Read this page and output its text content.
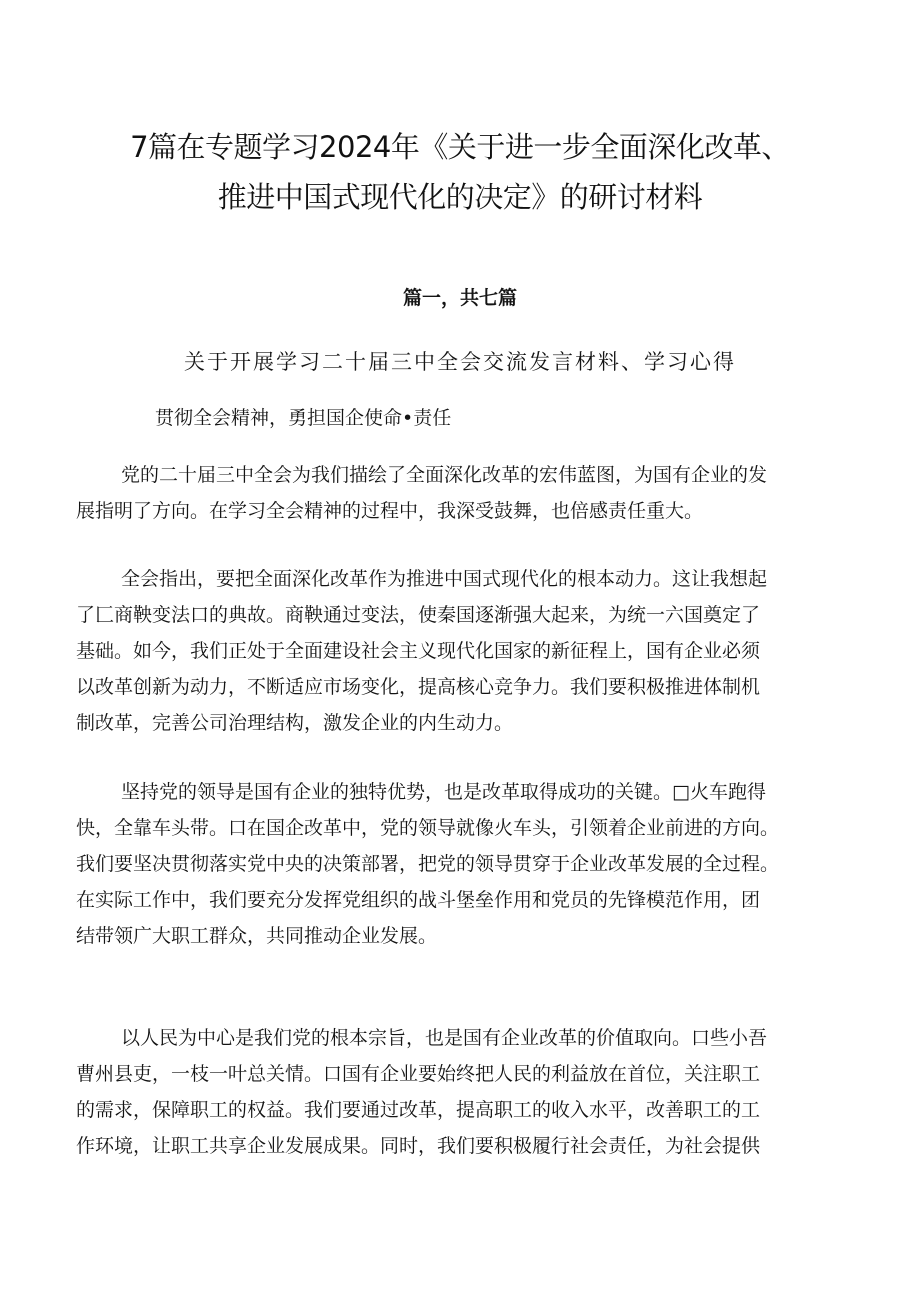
7篇在专题学习2024年《关于进一步全面深化改革、
推进中国式现代化的决定》的研讨材料
篇一，共七篇
关于开展学习二十届三中全会交流发言材料、学习心得
贯彻全会精神，勇担国企使命•责任
党的二十届三中全会为我们描绘了全面深化改革的宏伟蓝图，为国有企业的发
展指明了方向。在学习全会精神的过程中，我深受鼓舞，也倍感责任重大。
全会指出，要把全面深化改革作为推进中国式现代化的根本动力。这让我想起
了匚商鞅变法口的典故。商鞅通过变法，使秦国逐渐强大起来，为统一六国奠定了
基础。如今，我们正处于全面建设社会主义现代化国家的新征程上，国有企业必须
以改革创新为动力，不断适应市场变化，提高核心竞争力。我们要积极推进体制机
制改革，完善公司治理结构，激发企业的内生动力。
坚持党的领导是国有企业的独特优势，也是改革取得成功的关键。□火车跑得
快，全靠车头带。口在国企改革中，党的领导就像火车头，引领着企业前进的方向。
我们要坚决贯彻落实党中央的决策部署，把党的领导贯穿于企业改革发展的全过程。
在实际工作中，我们要充分发挥党组织的战斗堡垒作用和党员的先锋模范作用，团
结带领广大职工群众，共同推动企业发展。
以人民为中心是我们党的根本宗旨，也是国有企业改革的价值取向。口些小吾
曹州县吏，一枝一叶总关情。口国有企业要始终把人民的利益放在首位，关注职工
的需求，保障职工的权益。我们要通过改革，提高职工的收入水平，改善职工的工
作环境，让职工共享企业发展成果。同时，我们要积极履行社会责任，为社会提供
